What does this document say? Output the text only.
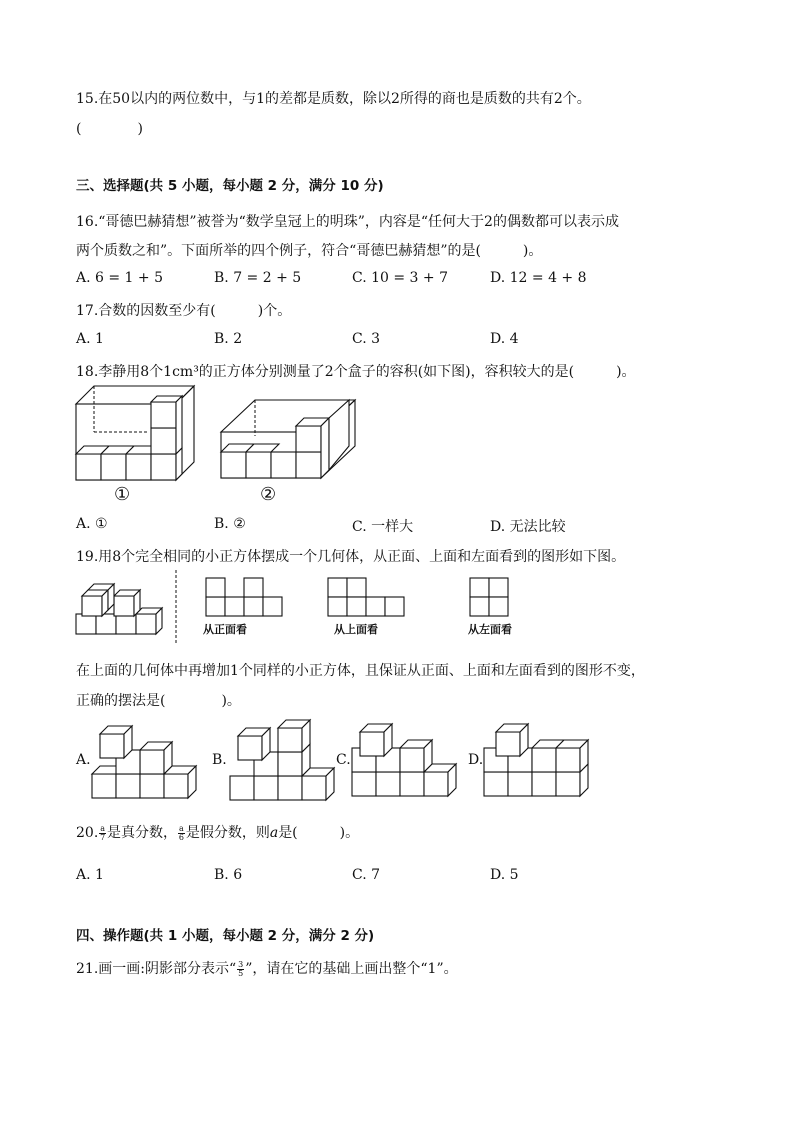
15.在50以内的两位数中，与1的差都是质数，除以2所得的商也是质数的共有2个。
(　　　　)
三、选择题(共 5 小题，每小题 2 分，满分 10 分)
16.“哥德巴赫猜想”被誉为“数学皇冠上的明珠”，内容是“任何大于2的偶数都可以表示成
两个质数之和”。下面所举的四个例子，符合“哥德巴赫猜想”的是(　　　)。
A. 6 = 1 + 5	B. 7 = 2 + 5	C. 10 = 3 + 7	D. 12 = 4 + 8
17.合数的因数至少有(　　　)个。
A. 1	B. 2	C. 3	D. 4
18.李静用8个1cm³的正方体分别测量了2个盒子的容积(如下图)，容积较大的是(　　　)。
①	②
A. ①	B. ②	C. 一样大	D. 无法比较
19.用8个完全相同的小正方体摆成一个几何体，从正面、上面和左面看到的图形如下图。
从正面看	从上面看	从左面看
在上面的几何体中再增加1个同样的小正方体，且保证从正面、上面和左面看到的图形不变，
正确的摆法是(　　　　)。
A.	B.	C.	D.
20. $\frac{a}{7}$ 是真分数， $\frac{a}{6}$ 是假分数，则a是(　　　)。
A. 1	B. 6	C. 7	D. 5
四、操作题(共 1 小题，每小题 2 分，满分 2 分)
21.画一画:阴影部分表示“ $\frac{3}{5}$ ”，请在它的基础上画出整个“1”。
